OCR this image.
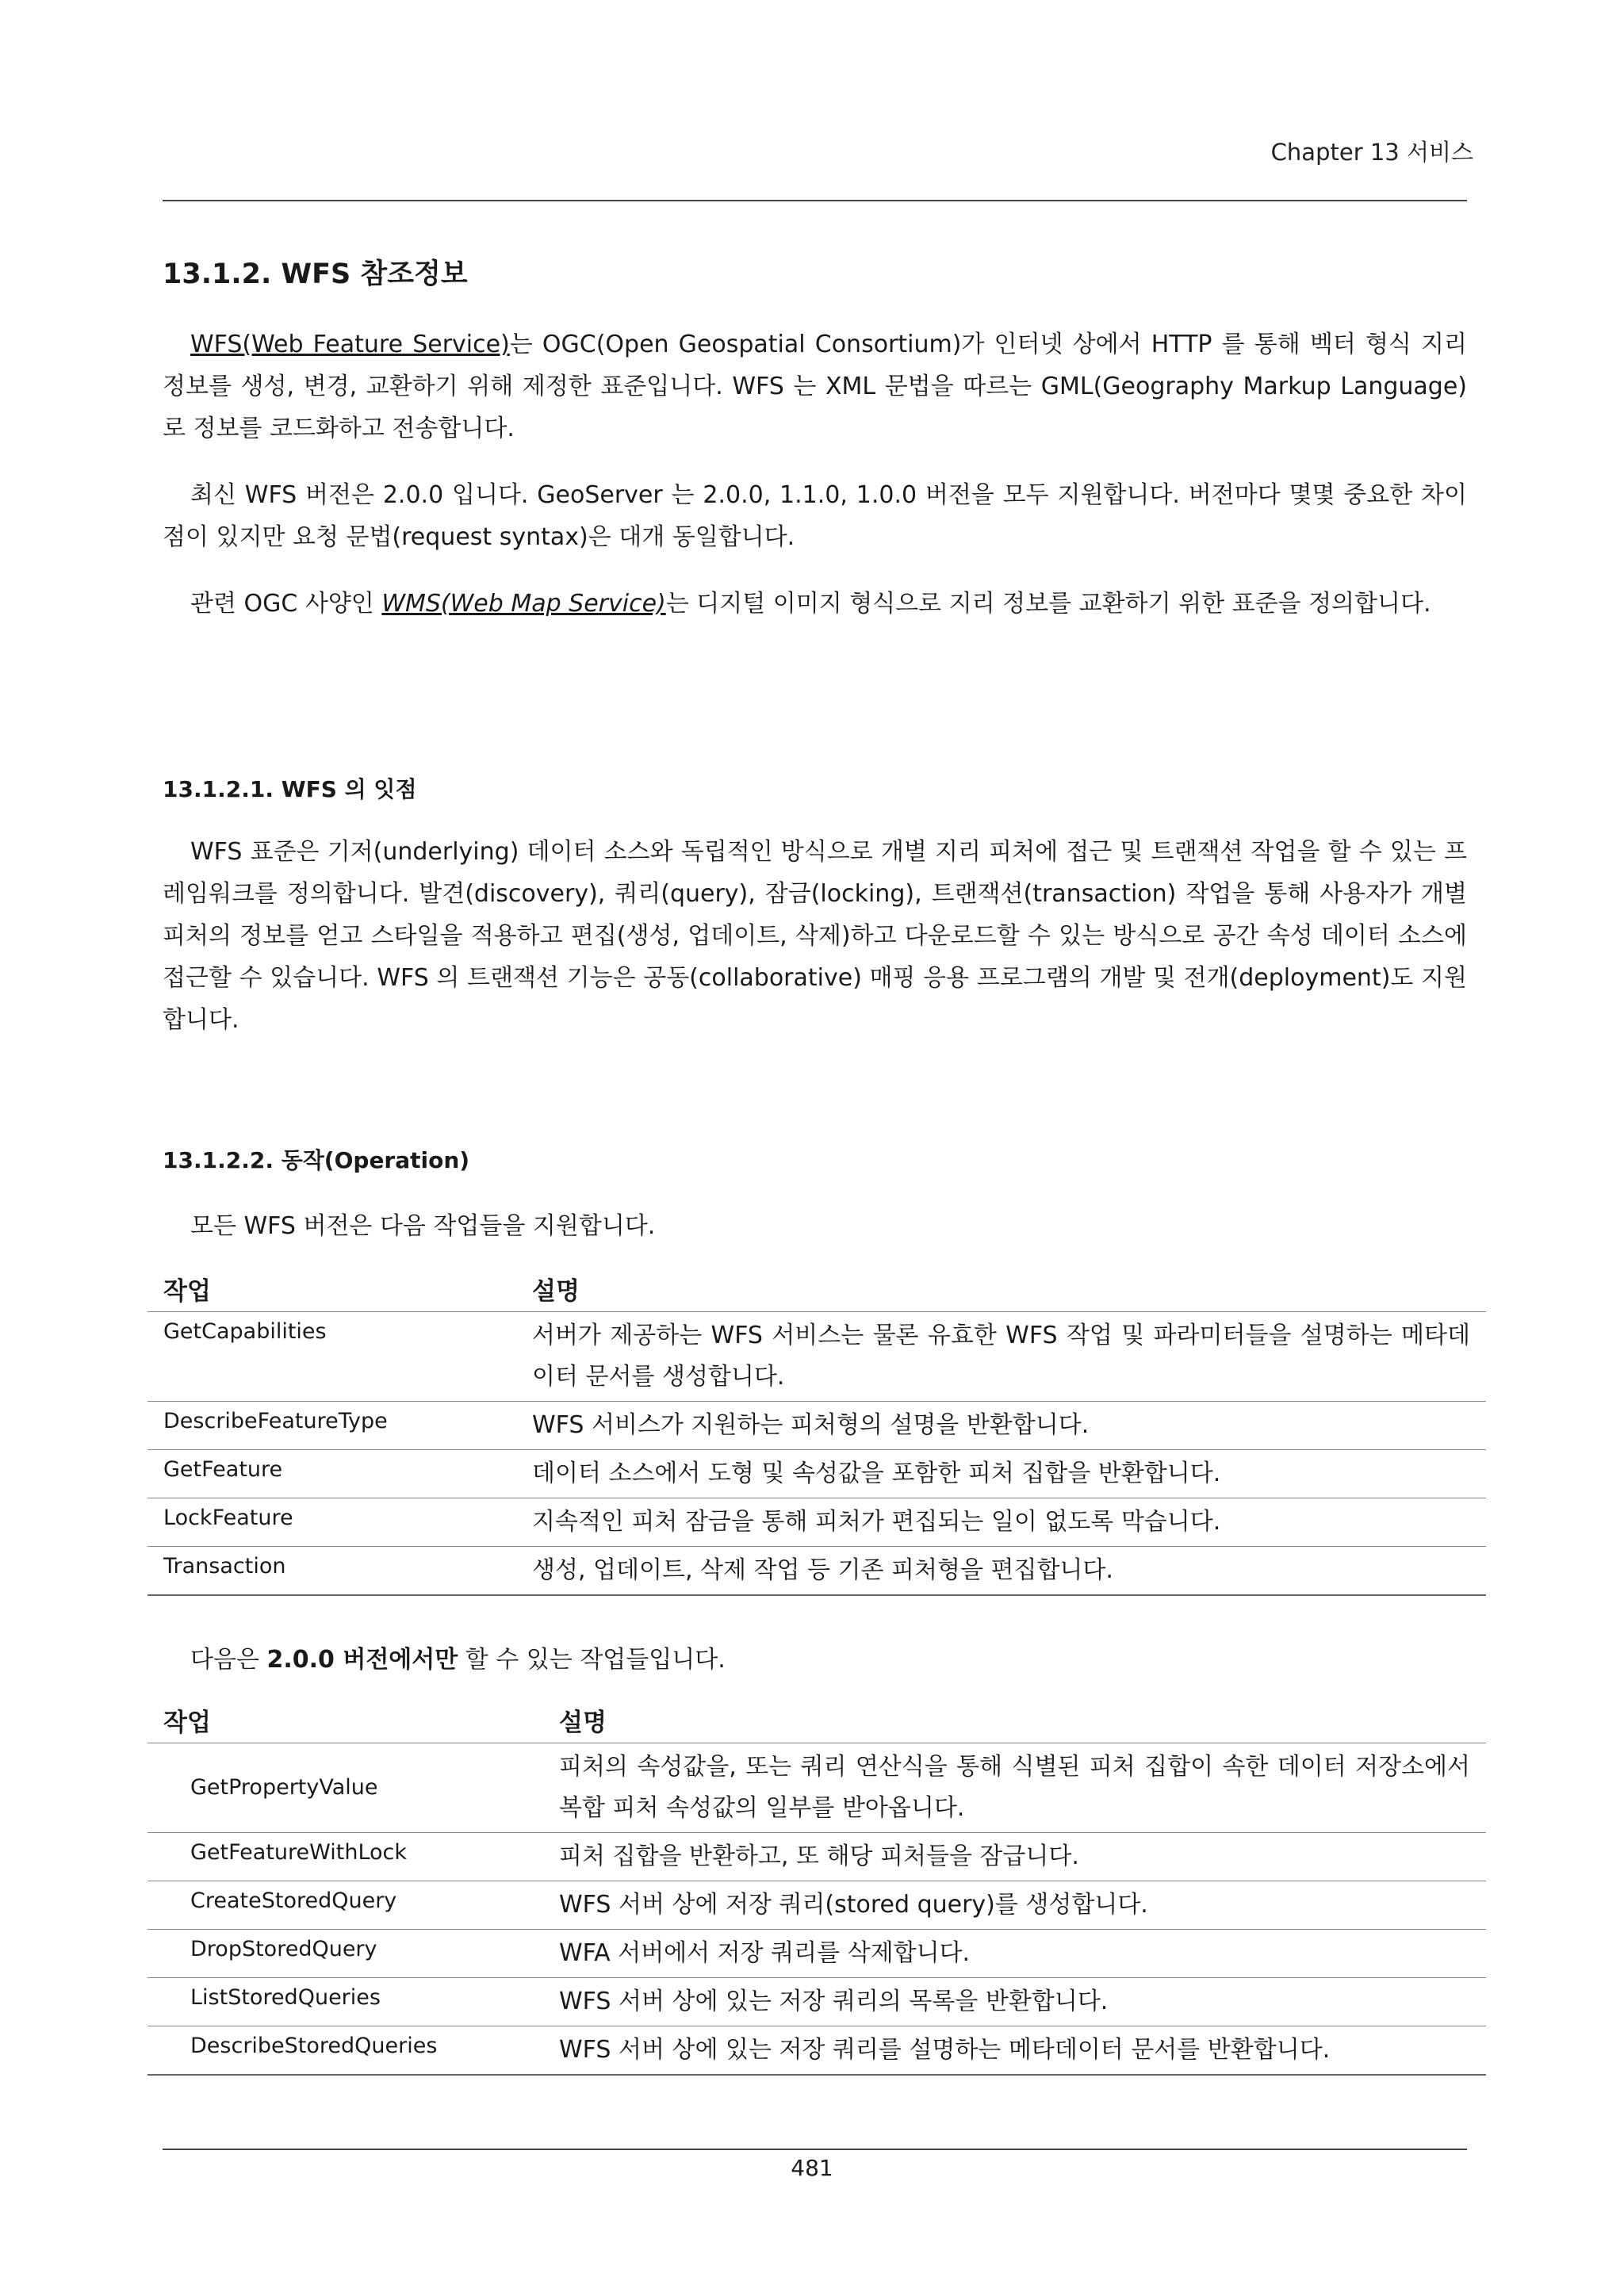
Chapter 13 서비스
13.1.2. WFS 참조정보

WFS(Web Feature Service)는 OGC(Open Geospatial Consortium)가 인터넷 상에서 HTTP 를 통해 벡터 형식 지리 정보를 생성, 변경, 교환하기 위해 제정한 표준입니다. WFS 는 XML 문법을 따르는 GML(Geography Markup Language)로 정보를 코드화하고 전송합니다.

최신 WFS 버전은 2.0.0 입니다. GeoServer 는 2.0.0, 1.1.0, 1.0.0 버전을 모두 지원합니다. 버전마다 몇몇 중요한 차이점이 있지만 요청 문법(request syntax)은 대개 동일합니다.

관련 OGC 사양인 WMS(Web Map Service)는 디지털 이미지 형식으로 지리 정보를 교환하기 위한 표준을 정의합니다.

13.1.2.1. WFS 의 잇점

WFS 표준은 기저(underlying) 데이터 소스와 독립적인 방식으로 개별 지리 피처에 접근 및 트랜잭션 작업을 할 수 있는 프레임워크를 정의합니다. 발견(discovery), 쿼리(query), 잠금(locking), 트랜잭션(transaction) 작업을 통해 사용자가 개별 피처의 정보를 얻고 스타일을 적용하고 편집(생성, 업데이트, 삭제)하고 다운로드할 수 있는 방식으로 공간 속성 데이터 소스에 접근할 수 있습니다. WFS 의 트랜잭션 기능은 공동(collaborative) 매핑 응용 프로그램의 개발 및 전개(deployment)도 지원합니다.

13.1.2.2. 동작(Operation)

모든 WFS 버전은 다음 작업들을 지원합니다.

작업	설명
GetCapabilities	서버가 제공하는 WFS 서비스는 물론 유효한 WFS 작업 및 파라미터들을 설명하는 메타데이터 문서를 생성합니다.
DescribeFeatureType	WFS 서비스가 지원하는 피처형의 설명을 반환합니다.
GetFeature	데이터 소스에서 도형 및 속성값을 포함한 피처 집합을 반환합니다.
LockFeature	지속적인 피처 잠금을 통해 피처가 편집되는 일이 없도록 막습니다.
Transaction	생성, 업데이트, 삭제 작업 등 기존 피처형을 편집합니다.

다음은 2.0.0 버전에서만 할 수 있는 작업들입니다.

작업	설명
GetPropertyValue	피처의 속성값을, 또는 쿼리 연산식을 통해 식별된 피처 집합이 속한 데이터 저장소에서 복합 피처 속성값의 일부를 받아옵니다.
GetFeatureWithLock	피처 집합을 반환하고, 또 해당 피처들을 잠급니다.
CreateStoredQuery	WFS 서버 상에 저장 쿼리(stored query)를 생성합니다.
DropStoredQuery	WFA 서버에서 저장 쿼리를 삭제합니다.
ListStoredQueries	WFS 서버 상에 있는 저장 쿼리의 목록을 반환합니다.
DescribeStoredQueries	WFS 서버 상에 있는 저장 쿼리를 설명하는 메타데이터 문서를 반환합니다.
481
